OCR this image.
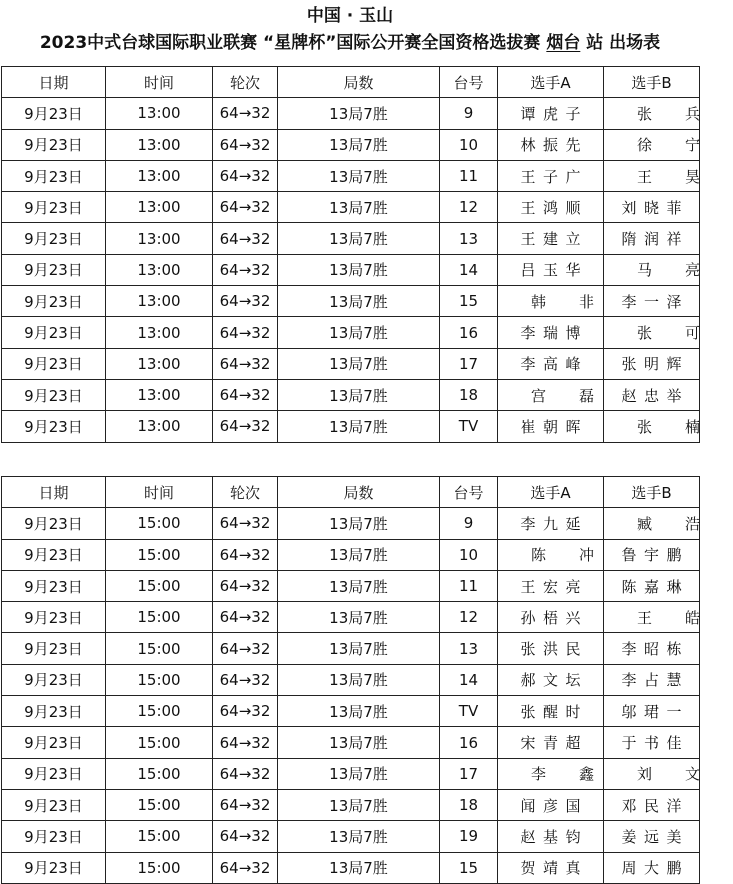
中国 · 玉山
2023中式台球国际职业联赛 “星牌杯”国际公开赛全国资格选拔赛 烟台 站 出场表
日期	时间	轮次	局数	台号	选手A	选手B
9月23日	13:00	64→32	13局7胜	9	谭虎子	张兵
9月23日	13:00	64→32	13局7胜	10	林振先	徐宁
9月23日	13:00	64→32	13局7胜	11	王子广	王昊
9月23日	13:00	64→32	13局7胜	12	王鸿顺	刘晓菲
9月23日	13:00	64→32	13局7胜	13	王建立	隋润祥
9月23日	13:00	64→32	13局7胜	14	吕玉华	马亮
9月23日	13:00	64→32	13局7胜	15	韩非	李一泽
9月23日	13:00	64→32	13局7胜	16	李瑞博	张可
9月23日	13:00	64→32	13局7胜	17	李高峰	张明辉
9月23日	13:00	64→32	13局7胜	18	宫磊	赵忠举
9月23日	13:00	64→32	13局7胜	TV	崔朝晖	张楠
日期	时间	轮次	局数	台号	选手A	选手B
9月23日	15:00	64→32	13局7胜	9	李九延	臧浩
9月23日	15:00	64→32	13局7胜	10	陈冲	鲁宇鹏
9月23日	15:00	64→32	13局7胜	11	王宏亮	陈嘉琳
9月23日	15:00	64→32	13局7胜	12	孙梧兴	王皓
9月23日	15:00	64→32	13局7胜	13	张洪民	李昭栋
9月23日	15:00	64→32	13局7胜	14	郝文坛	李占慧
9月23日	15:00	64→32	13局7胜	TV	张醒时	邬珺一
9月23日	15:00	64→32	13局7胜	16	宋青超	于书佳
9月23日	15:00	64→32	13局7胜	17	李鑫	刘文
9月23日	15:00	64→32	13局7胜	18	闻彦国	邓民洋
9月23日	15:00	64→32	13局7胜	19	赵基钧	姜远美
9月23日	15:00	64→32	13局7胜	15	贺靖真	周大鹏
